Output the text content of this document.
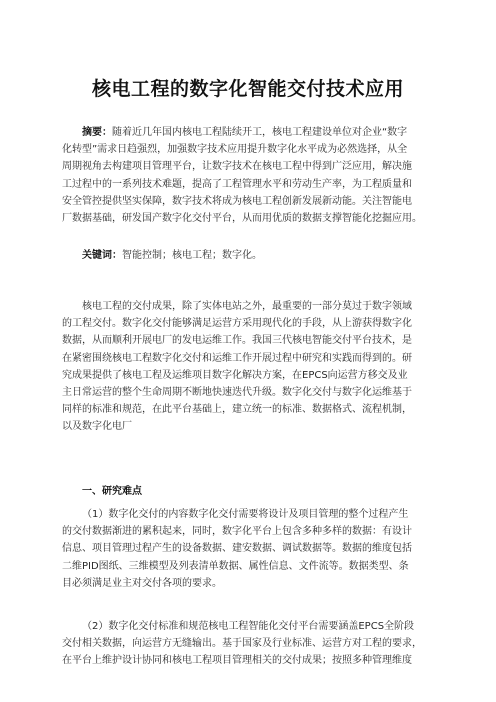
核电工程的数字化智能交付技术应用
摘要：随着近几年国内核电工程陆续开工，核电工程建设单位对企业“数字
化转型”需求日趋强烈，加强数字技术应用提升数字化水平成为必然选择，从全
周期视角去构建项目管理平台，让数字技术在核电工程中得到广泛应用，解决施
工过程中的一系列技术难题，提高了工程管理水平和劳动生产率，为工程质量和
安全管控提供坚实保障，数字技术将成为核电工程创新发展新动能。关注智能电
厂数据基础，研发国产数字化交付平台，从而用优质的数据支撑智能化挖掘应用。
关键词：智能控制；核电工程；数字化。
核电工程的交付成果，除了实体电站之外，最重要的一部分莫过于数字领域
的工程交付。数字化交付能够满足运营方采用现代化的手段，从上游获得数字化
数据，从而顺利开展电厂的发电运维工作。我国三代核电智能交付平台技术，是
在紧密围绕核电工程数字化交付和运维工作开展过程中研究和实践而得到的。研
究成果提供了核电工程及运维项目数字化解决方案，在EPCS向运营方移交及业
主日常运营的整个生命周期不断地快速迭代升级。数字化交付与数字化运维基于
同样的标准和规范，在此平台基础上，建立统一的标准、数据格式、流程机制，
以及数字化电厂
一、研究难点
（1）数字化交付的内容数字化交付需要将设计及项目管理的整个过程产生
的交付数据渐进的累积起来，同时，数字化平台上包含多种多样的数据：有设计
信息、项目管理过程产生的设备数据、建安数据、调试数据等。数据的维度包括
二维PID图纸、三维模型及列表清单数据、属性信息、文件流等。数据类型、条
目必须满足业主对交付各项的要求。
（2）数字化交付标准和规范核电工程智能化交付平台需要涵盖EPCS全阶段
交付相关数据，向运营方无缝输出。基于国家及行业标准、运营方对工程的要求，
在平台上维护设计协同和核电工程项目管理相关的交付成果；按照多种管理维度
